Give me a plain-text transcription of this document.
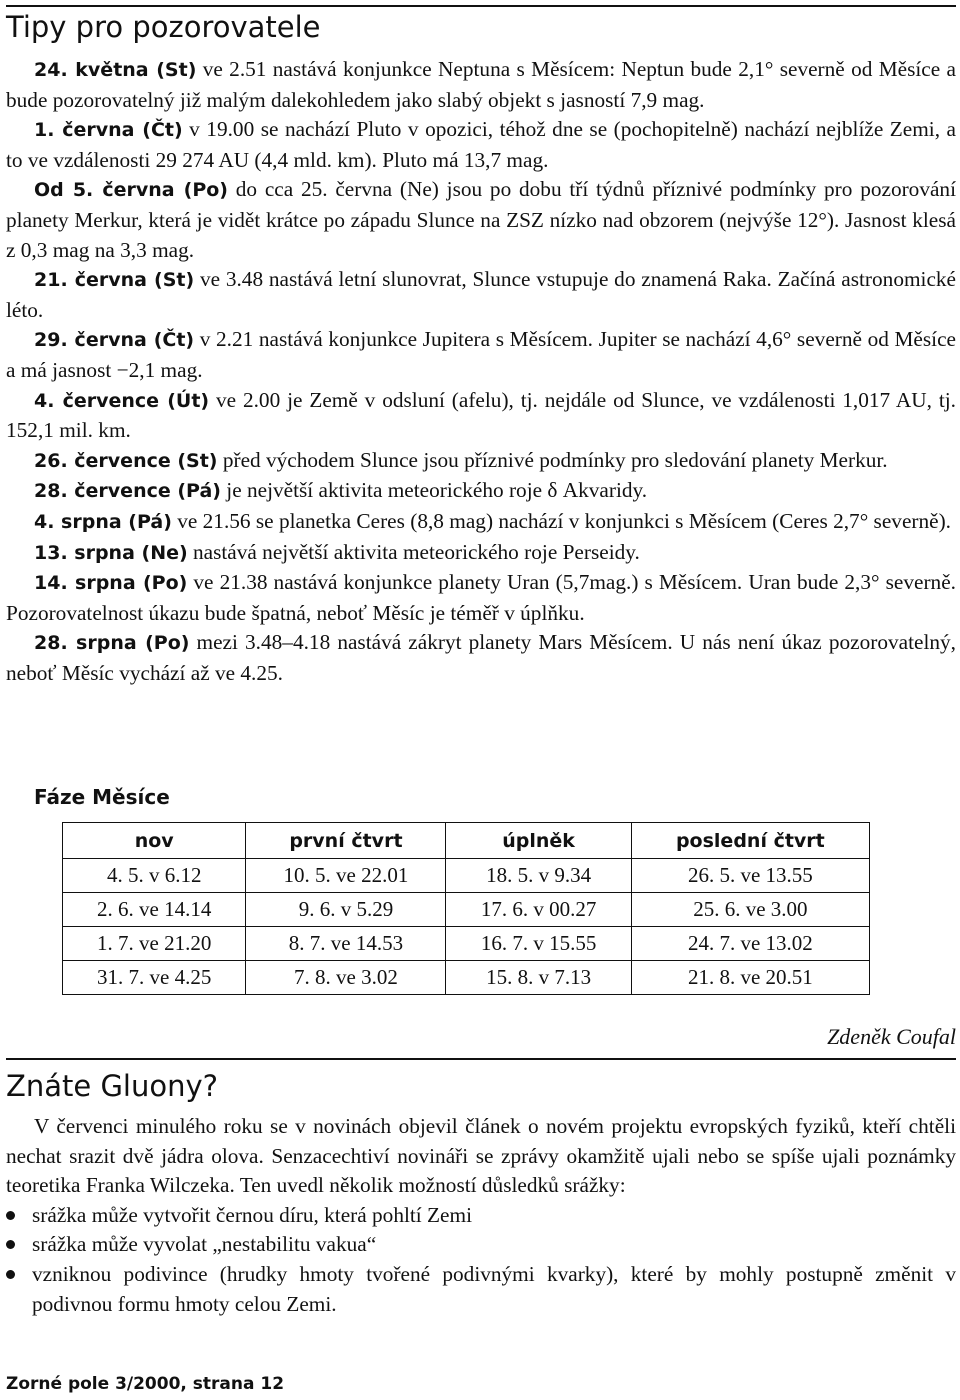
Tipy pro pozorovatele

24. května (St) ve 2.51 nastává konjunkce Neptuna s Měsícem: Neptun bude 2,1° severně od Měsíce a bude pozorovatelný již malým dalekohledem jako slabý objekt s jasností 7,9 mag.

1. června (Čt) v 19.00 se nachází Pluto v opozici, téhož dne se (pochopitelně) nachází nejblíže Zemi, a to ve vzdálenosti 29 274 AU (4,4 mld. km). Pluto má 13,7 mag.

Od 5. června (Po) do cca 25. června (Ne) jsou po dobu tří týdnů příznivé podmínky pro pozorování planety Merkur, která je vidět krátce po západu Slunce na ZSZ nízko nad obzorem (nejvýše 12°). Jasnost klesá z 0,3 mag na 3,3 mag.

21. června (St) ve 3.48 nastává letní slunovrat, Slunce vstupuje do znamená Raka. Začíná astronomické léto.

29. června (Čt) v 2.21 nastává konjunkce Jupitera s Měsícem. Jupiter se nachází 4,6° severně od Měsíce a má jasnost −2,1 mag.

4. července (Út) ve 2.00 je Země v odsluní (afelu), tj. nejdále od Slunce, ve vzdálenosti 1,017 AU, tj. 152,1 mil. km.

26. července (St) před východem Slunce jsou příznivé podmínky pro sledování planety Merkur.

28. července (Pá) je největší aktivita meteorického roje δ Akvaridy.

4. srpna (Pá) ve 21.56 se planetka Ceres (8,8 mag) nachází v konjunkci s Měsícem (Ceres 2,7° severně).

13. srpna (Ne) nastává největší aktivita meteorického roje Perseidy.

14. srpna (Po) ve 21.38 nastává konjunkce planety Uran (5,7mag.) s Měsícem. Uran bude 2,3° severně. Pozorovatelnost úkazu bude špatná, neboť Měsíc je téměř v úplňku.

28. srpna (Po) mezi 3.48–4.18 nastává zákryt planety Mars Měsícem. U nás není úkaz pozorovatelný, neboť Měsíc vychází až ve 4.25.

Fáze Měsíce
nov	první čtvrt	úplněk	poslední čtvrt
4. 5. v 6.12	10. 5. ve 22.01	18. 5. v 9.34	26. 5. ve 13.55
2. 6. ve 14.14	9. 6. v 5.29	17. 6. v 00.27	25. 6. ve 3.00
1. 7. ve 21.20	8. 7. ve 14.53	16. 7. v 15.55	24. 7. ve 13.02
31. 7. ve 4.25	7. 8. ve 3.02	15. 8. v 7.13	21. 8. ve 20.51
Zdeněk Coufal
Znáte Gluony?

V červenci minulého roku se v novinách objevil článek o novém projektu evropských fyziků, kteří chtěli nechat srazit dvě jádra olova. Senzacechtiví novináři se zprávy okamžitě ujali nebo se spíše ujali poznámky teoretika Franka Wilczeka. Ten uvedl několik možností důsledků srážky:

srážka může vytvořit černou díru, která pohltí Zemi
srážka může vyvolat „nestabilitu vakua“
vzniknou podivince (hrudky hmoty tvořené podivnými kvarky), které by mohly postupně změnit v podivnou formu hmoty celou Zemi.
Zorné pole 3/2000, strana 12
